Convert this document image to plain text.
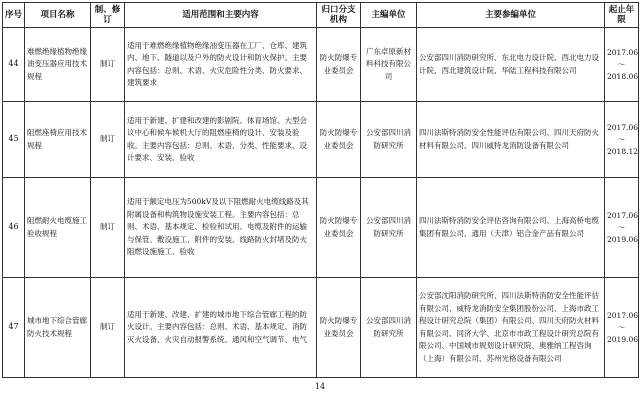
序号	项目名称	制、修订	适用范围和主要内容	归口分支机构	主编单位	主要参编单位	起止年限
44	难燃绝缘植物绝缘油变压器应用技术规程	制订	适用于难燃绝缘植物绝缘油变压器在工厂、仓库、建筑内、地下、隧道以及户外的防火设计和防火保护。主要内容包括：总则、术语、火灾危险性分类、防火要求、建筑要求	防火防爆专业委员会	广东卓原新材料科技有限公司	公安部四川消防研究所、东北电力设计院、西北电力设计院、西北建筑设计院、华陆工程科技有限公司	2017.06
～
2018.06

45	阻燃座椅应用技术规程	制订	适用于新建、扩建和改建的影剧院、体育场馆、大型会议中心和候车候机大厅的阻燃座椅的设计、安装及验收。主要内容包括：总则、术语、分类、性能要求、设计要求、安装、验收	防火防爆专业委员会	公安部四川消防研究所	四川法斯特消防安全性能评估有限公司、四川天府防火材料有限公司、四川威特龙消防设备有限公司	2017.06
～
2018.12

46	阻燃耐火电缆施工验收规程	制订	适用于额定电压为500kV及以下阻燃耐火电缆线路及其附属设备和构筑物设施安装工程。主要内容包括：总则、术语、基本规定、检验和试用、电缆及附件的运输与保管、敷设施工、附件的安装、线路防火封堵及防火阻燃设施施工、验收	防火防爆专业委员会	公安部四川消防研究所	四川法斯特消防安全评估咨询有限公司、上海高桥电缆集团有限公司、通用（天津）铝合金产品有限公司	2017.06
～
2019.06

47	城市地下综合管廊防火技术规程	制订	适用于新建、改建、扩建的城市地下综合管廊工程的防火设计。主要内容包括：总则、术语、基本规定、消防灭火设备、火灾自动报警系统、通风和空气调节、电气	防火防爆专业委员会	公安部四川消防研究所	公安部沈阳消防研究所、四川法斯特消防安全性能评估有限公司、威特龙消防安全集团股份公司、上海市政工程设计研究总院（集团）有限公司、四川天府防火材料有限公司、同济大学、北京市市政工程设计研究总院有限公司、中国城市规划设计研究院、奥雅纳工程咨询（上海）有限公司、苏州光格设备有限公司	2017.06
～
2019.06
14
